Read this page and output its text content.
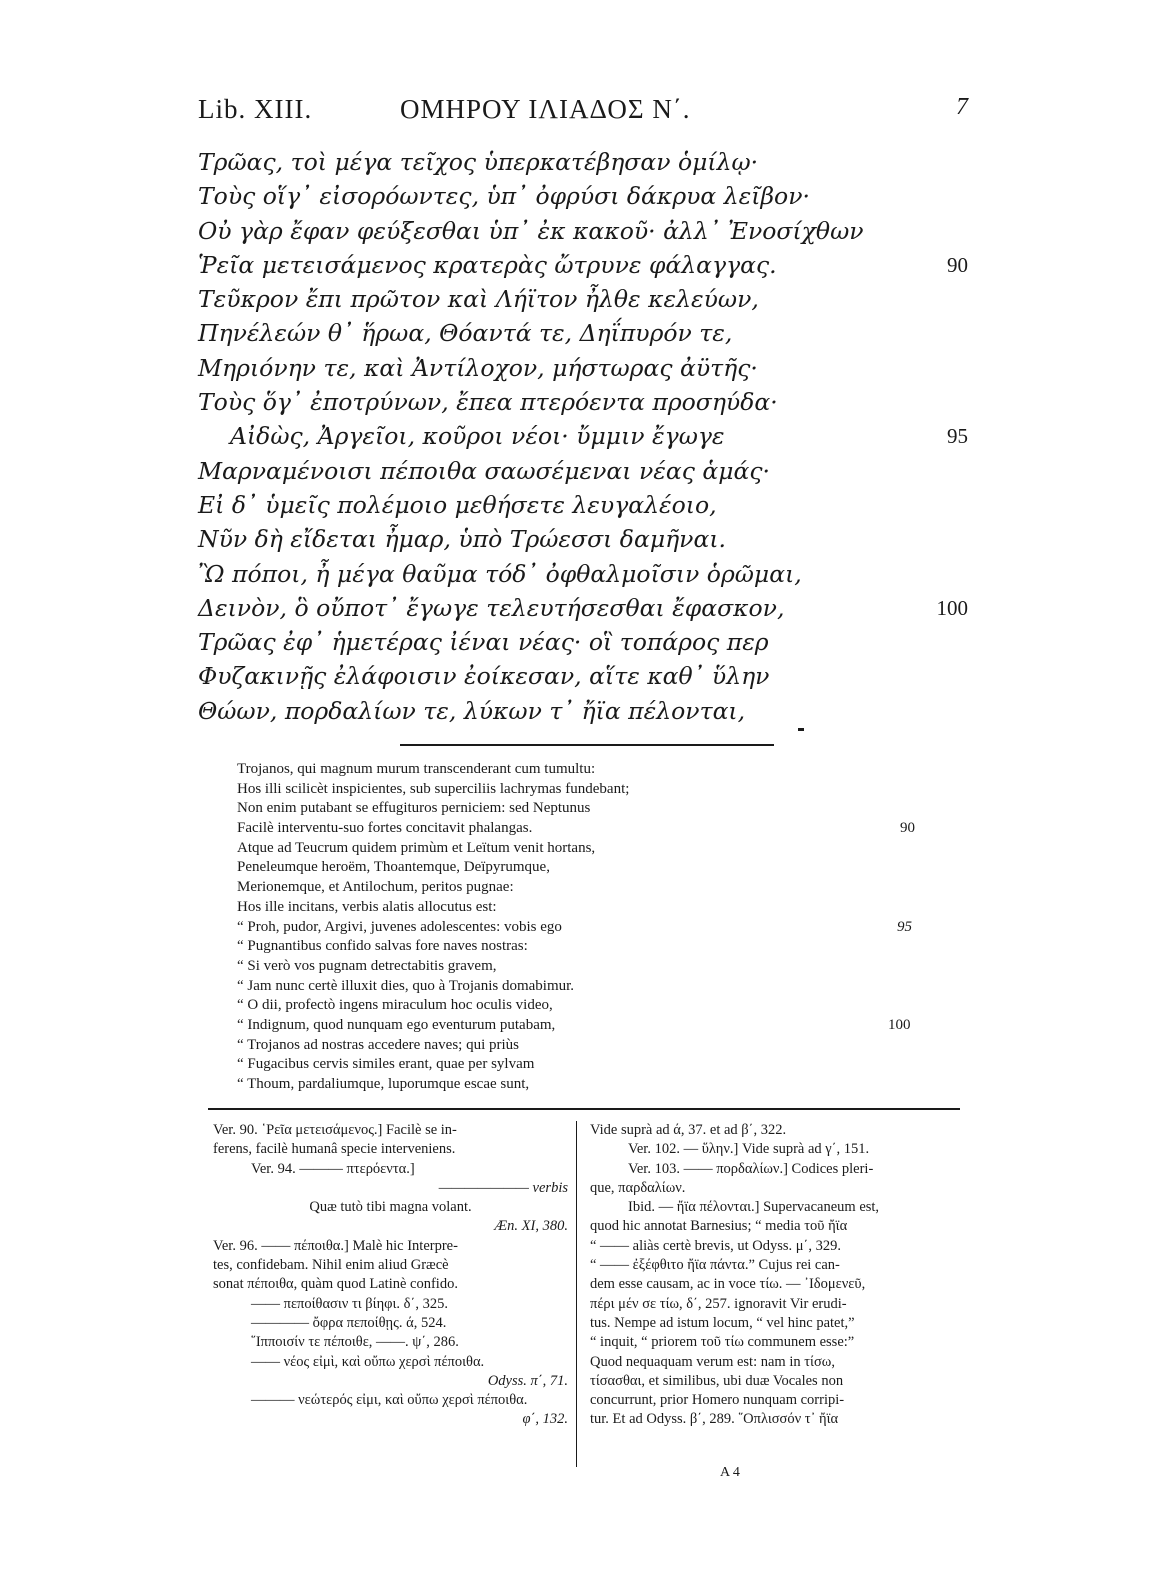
Lib. XIII.	ΟΜΗΡΟΥ ΙΛΙΑΔΟΣ Ν΄.	7
Τρῶας, τοὶ μέγα τεῖχος ὑπερκατέβησαν ὁμίλῳ·
Τοὺς οἵγ᾽ εἰσορόωντες, ὑπ᾽ ὀφρύσι δάκρυα λεῖβον·
Οὐ γὰρ ἔφαν φεύξεσθαι ὑπ᾽ ἐκ κακοῦ· ἀλλ᾽ Ἐνοσίχθων
Ῥεῖα μετεισάμενος κρατερὰς ὤτρυνε φάλαγγας.	90
Τεῦκρον ἔπι πρῶτον καὶ Λήϊτον ἦλθε κελεύων,
Πηνέλεών θ᾽ ἥρωα, Θόαντά τε, Δηΐπυρόν τε,
Μηριόνην τε, καὶ Ἀντίλοχον, μήστωρας ἀϋτῆς·
Τοὺς ὅγ᾽ ἐποτρύνων, ἔπεα πτερόεντα προσηύδα·
Αἰδὼς, Ἀργεῖοι, κοῦροι νέοι· ὔμμιν ἔγωγε	95
Μαρναμένοισι πέποιθα σαωσέμεναι νέας ἁμάς·
Εἰ δ᾽ ὑμεῖς πολέμοιο μεθήσετε λευγαλέοιο,
Νῦν δὴ εἴδεται ἦμαρ, ὑπὸ Τρώεσσι δαμῆναι.
Ὢ πόποι, ἦ μέγα θαῦμα τόδ᾽ ὀφθαλμοῖσιν ὁρῶμαι,
Δεινὸν, ὃ οὔποτ᾽ ἔγωγε τελευτήσεσθαι ἔφασκον,	100
Τρῶας ἐφ᾽ ἡμετέρας ἰέναι νέας· οἳ τοπάρος περ
Φυζακινῇς ἐλάφοισιν ἐοίκεσαν, αἵτε καθ᾽ ὕλην
Θώων, πορδαλίων τε, λύκων τ᾽ ἤϊα πέλονται,
Trojanos, qui magnum murum transcenderant cum tumultu:
Hos illi scilicèt inspicientes, sub superciliis lachrymas fundebant;
Non enim putabant se effugituros perniciem: sed Neptunus
Facilè interventu-suo fortes concitavit phalangas.	90
Atque ad Teucrum quidem primùm et Leïtum venit hortans,
Peneleumque heroëm, Thoantemque, Deïpyrumque,
Merionemque, et Antilochum, peritos pugnae:
Hos ille incitans, verbis alatis allocutus est:
“ Proh, pudor, Argivi, juvenes adolescentes: vobis ego	95
“ Pugnantibus confido salvas fore naves nostras:
“ Si verò vos pugnam detrectabitis gravem,
“ Jam nunc certè illuxit dies, quo à Trojanis domabimur.
“ O dii, profectò ingens miraculum hoc oculis video,
“ Indignum, quod nunquam ego eventurum putabam,	100
“ Trojanos ad nostras accedere naves; qui priùs
“ Fugacibus cervis similes erant, quae per sylvam
“ Thoum, pardaliumque, luporumque escae sunt,
Ver. 90. ῾Ρεῖα μετεισάμενος.] Facilè se in-
ferens, facilè humanâ specie interveniens.
Ver. 94. ——— πτερόεντα.]
——————— verbis
Quæ tutò tibi magna volant.
Æn. XI, 380.
Ver. 96. —— πέποιθα.] Malè hic Interpre-
tes, confidebam. Nihil enim aliud Græcè
sonat πέποιθα, quàm quod Latinè confido.
—— πεποίθασιν τι βίηφι. δ΄, 325.
———— ὄφρα πεποίθῃς. ά, 524.
῞Ιπποισίν τε πέποιθε, ——. ψ΄, 286.
—— νέος εἰμὶ, καὶ οὔπω χερσὶ πέποιθα.
Odyss. π΄, 71.
——— νεώτερός εἰμι, καὶ οὔπω χερσὶ πέποιθα.
φ΄, 132.
Vide suprà ad ά, 37. et ad β΄, 322.
Ver. 102. — ὕλην.] Vide suprà ad γ΄, 151.
Ver. 103. —— πορδαλίων.] Codices pleri-
que, παρδαλίων.
Ibid. — ἤϊα πέλονται.] Supervacaneum est,
quod hic annotat Barnesius; “ media τοῦ ἤϊα
“ —— aliàs certè brevis, ut Odyss. μ΄, 329.
“ —— ἐξέφθιτο ἤϊα πάντα.” Cujus rei can-
dem esse causam, ac in voce τίω. — ᾽Ιδομενεῦ,
πέρι μέν σε τίω, δ΄, 257. ignoravit Vir erudi-
tus. Nempe ad istum locum, “ vel hinc patet,”
“ inquit, “ priorem τοῦ τίω communem esse:”
Quod nequaquam verum est: nam in τίσω,
τίσασθαι, et similibus, ubi duæ Vocales non
concurrunt, prior Homero nunquam corripi-
tur. Et ad Odyss. β΄, 289. ῞Οπλισσόν τ᾽ ἤϊα
A 4
